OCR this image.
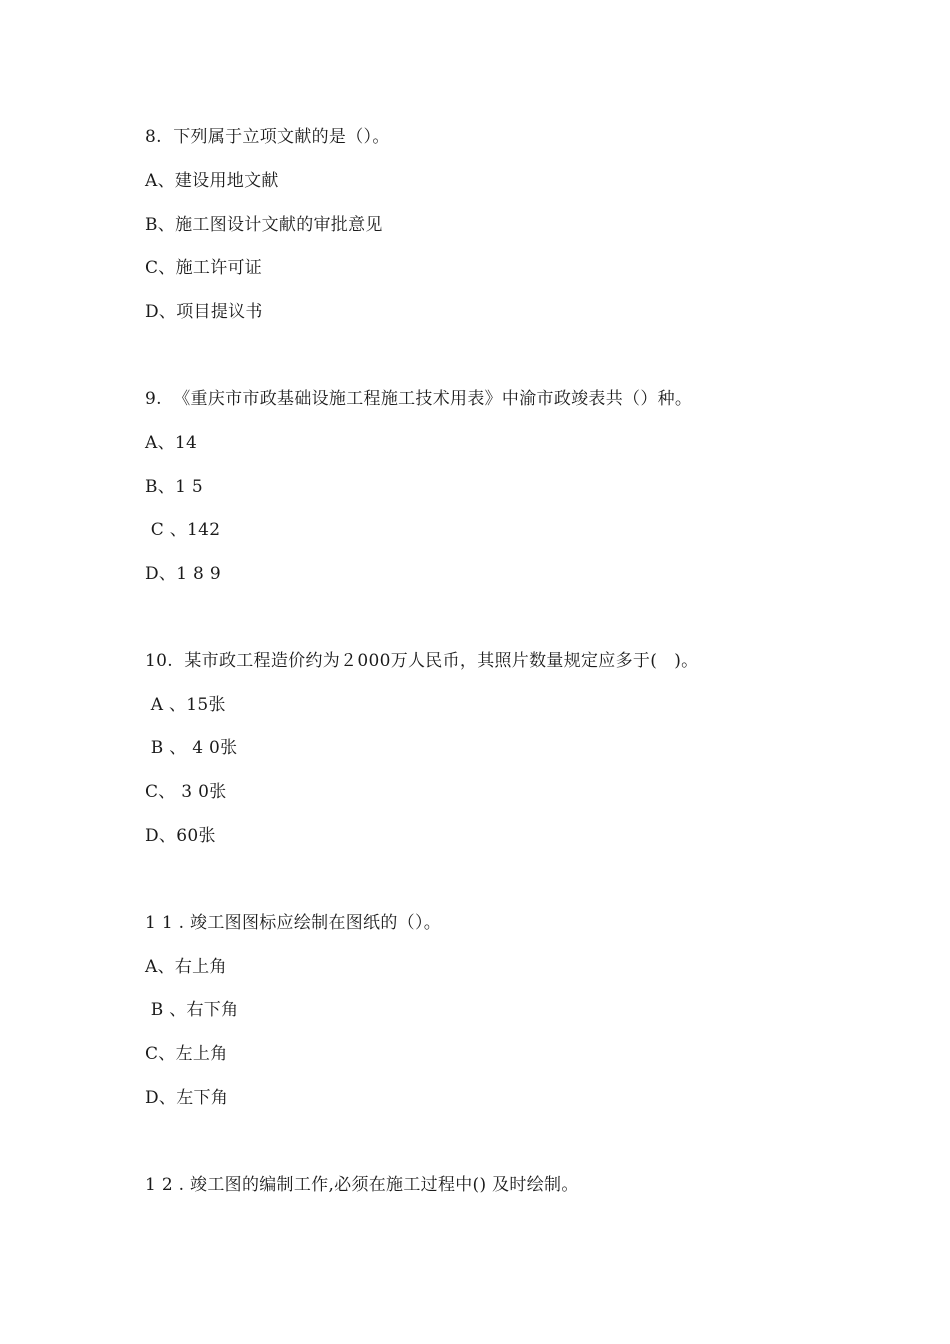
8.  下列属于立项文献的是（）。
A、建设用地文献
B、施工图设计文献的审批意见
C、施工许可证
D、项目提议书
9.  《重庆市市政基础设施工程施工技术用表》中渝市政竣表共（）种。
A、14
B、1 5
C 、142
D、1 8 9
10.  某市政工程造价约为２000万人民币，其照片数量规定应多于(   )。
A 、15张
B 、 4 0张
C、 3 0张
D、60张
1 1 . 竣工图图标应绘制在图纸的（）。
A、右上角
B 、右下角
C、左上角
D、左下角
1 2 . 竣工图的编制工作,必须在施工过程中() 及时绘制。
